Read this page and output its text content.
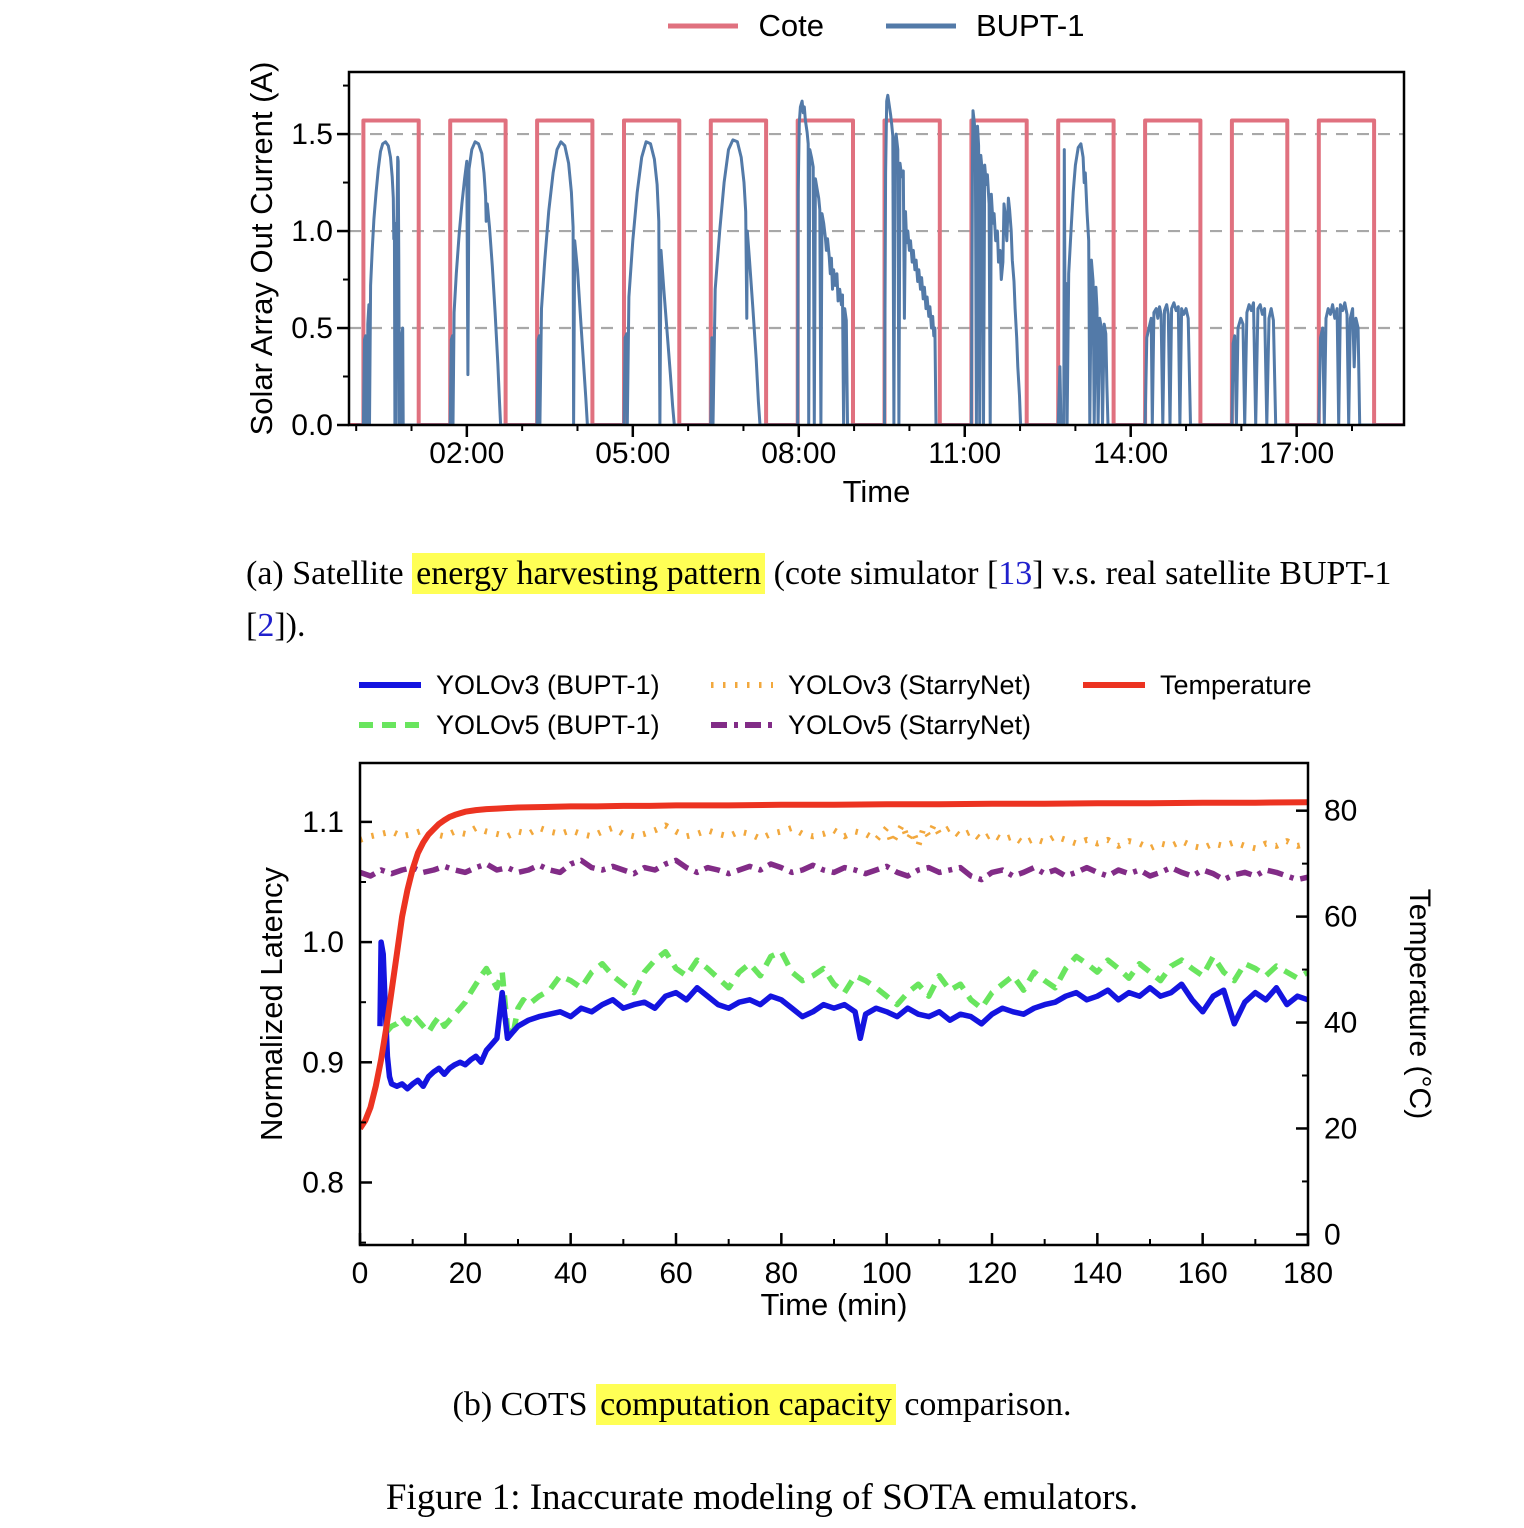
02:00	05:00	08:00	11:00	14:00	17:00
0.0
0.5
1.0
1.5
Time
Solar Array Out Current (A)
0	20 40 60 80 100 120 140 160 180
0.8
0.9
1.0
1.1
0
20
40
60
80
Time (min)
Normalized Latency	Temperature (°C)
Cote	BUPT-1
YOLOv3 (BUPT-1)
YOLOv5 (BUPT-1)
YOLOv3 (StarryNet)
YOLOv5 (StarryNet)
Temperature
(a) Satellite energy harvesting pattern (cote simulator [13] v.s. real satellite BUPT-1 [2]).
(b) COTS computation capacity comparison.
Figure 1: Inaccurate modeling of SOTA emulators.
